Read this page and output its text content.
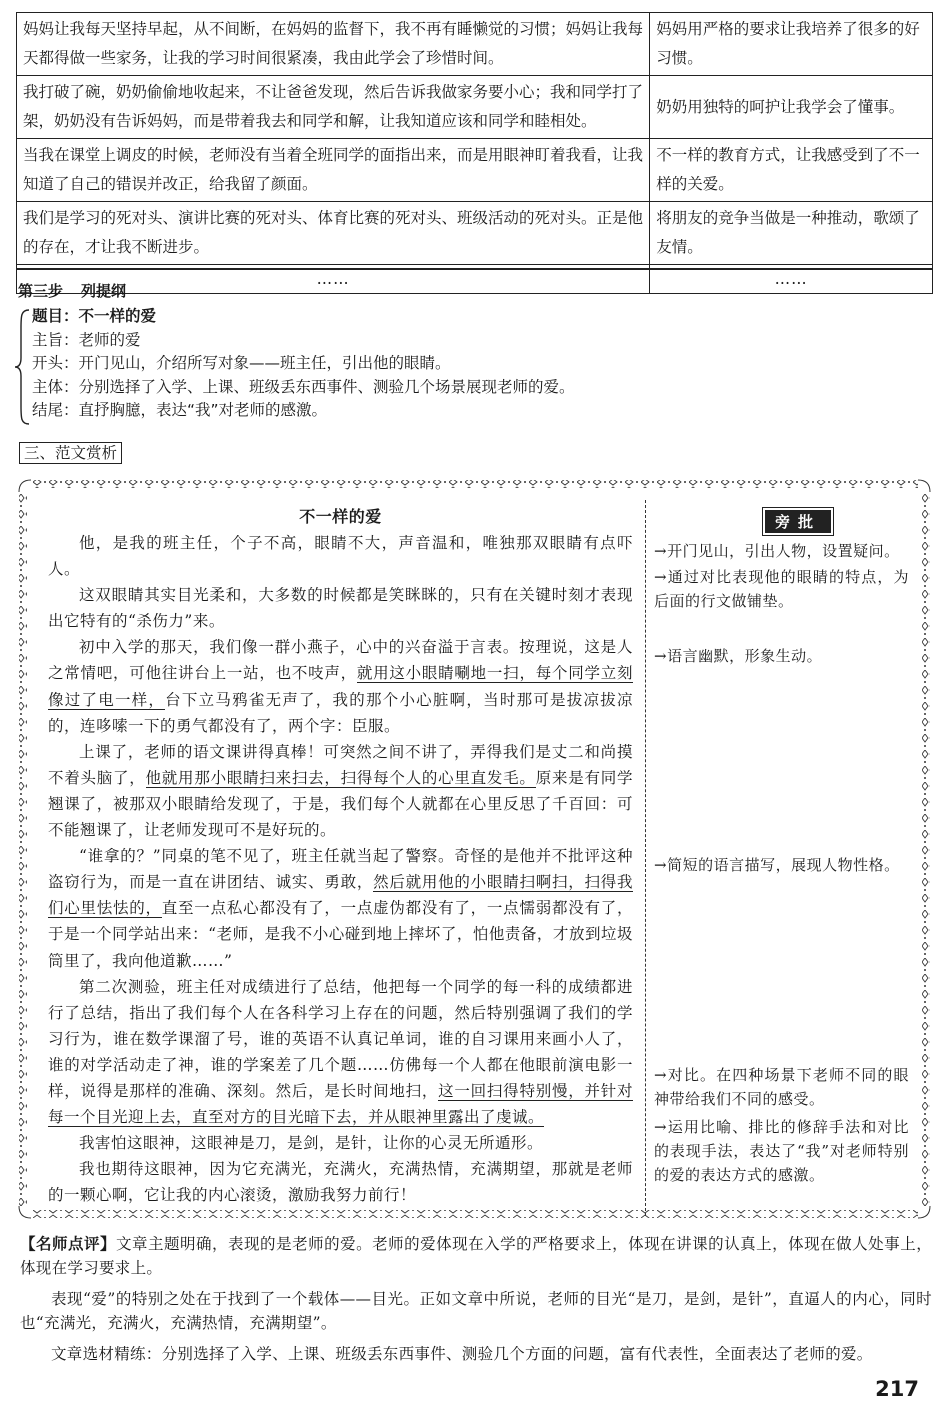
妈妈让我每天坚持早起，从不间断，在妈妈的监督下，我不再有睡懒觉的习惯；妈妈让我每天都得做一些家务，让我的学习时间很紧凑，我由此学会了珍惜时间。	妈妈用严格的要求让我培养了很多的好习惯。
我打破了碗，奶奶偷偷地收起来，不让爸爸发现，然后告诉我做家务要小心；我和同学打了架，奶奶没有告诉妈妈，而是带着我去和同学和解，让我知道应该和同学和睦相处。	奶奶用独特的呵护让我学会了懂事。
当我在课堂上调皮的时候，老师没有当着全班同学的面指出来，而是用眼神盯着我看，让我知道了自己的错误并改正，给我留了颜面。	不一样的教育方式，让我感受到了不一样的关爱。
我们是学习的死对头、演讲比赛的死对头、体育比赛的死对头、班级活动的死对头。正是他的存在，才让我不断进步。	将朋友的竞争当做是一种推动，歌颂了友情。
……	……
第三步 列提纲
题目：不一样的爱
主旨：老师的爱
开头：开门见山，介绍所写对象——班主任，引出他的眼睛。
主体：分别选择了入学、上课、班级丢东西事件、测验几个场景展现老师的爱。
结尾：直抒胸臆，表达“我”对老师的感激。
三、范文赏析
不一样的爱

他，是我的班主任，个子不高，眼睛不大，声音温和，唯独那双眼睛有点吓人。

这双眼睛其实目光柔和，大多数的时候都是笑眯眯的，只有在关键时刻才表现出它特有的“杀伤力”来。

初中入学的那天，我们像一群小燕子，心中的兴奋溢于言表。按理说，这是人之常情吧，可他往讲台上一站，也不吱声，就用这小眼睛唰地一扫，每个同学立刻像过了电一样，台下立马鸦雀无声了，我的那个小心脏啊，当时那可是拔凉拔凉的，连哆嗦一下的勇气都没有了，两个字：臣服。

上课了，老师的语文课讲得真棒！可突然之间不讲了，弄得我们是丈二和尚摸不着头脑了，他就用那小眼睛扫来扫去，扫得每个人的心里直发毛。原来是有同学翘课了，被那双小眼睛给发现了，于是，我们每个人就都在心里反思了千百回：可不能翘课了，让老师发现可不是好玩的。

“谁拿的？”同桌的笔不见了，班主任就当起了警察。奇怪的是他并不批评这种盗窃行为，而是一直在讲团结、诚实、勇敢，然后就用他的小眼睛扫啊扫，扫得我们心里怯怯的，直至一点私心都没有了，一点虚伪都没有了，一点懦弱都没有了，于是一个同学站出来：“老师，是我不小心碰到地上摔坏了，怕他责备，才放到垃圾筒里了，我向他道歉……”

第二次测验，班主任对成绩进行了总结，他把每一个同学的每一科的成绩都进行了总结，指出了我们每个人在各科学习上存在的问题，然后特别强调了我们的学习行为，谁在数学课溜了号，谁的英语不认真记单词，谁的自习课用来画小人了，谁的对学活动走了神，谁的学案差了几个题……仿佛每一个人都在他眼前演电影一样，说得是那样的准确、深刻。然后，是长时间地扫，这一回扫得特别慢，并针对每一个目光迎上去，直至对方的目光暗下去，并从眼神里露出了虔诚。

我害怕这眼神，这眼神是刀，是剑，是针，让你的心灵无所遁形。

我也期待这眼神，因为它充满光，充满火，充满热情，充满期望，那就是老师的一颗心啊，它让我的内心滚烫，激励我努力前行！

旁批
→开门见山，引出人物，设置疑问。
→通过对比表现他的眼睛的特点，为后面的行文做铺垫。
→语言幽默，形象生动。
→简短的语言描写，展现人物性格。
→对比。在四种场景下老师不同的眼神带给我们不同的感受。
→运用比喻、排比的修辞手法和对比的表现手法，表达了“我”对老师特别的爱的表达方式的感激。

【名师点评】文章主题明确，表现的是老师的爱。老师的爱体现在入学的严格要求上，体现在讲课的认真上，体现在做人处事上，体现在学习要求上。

表现“爱”的特别之处在于找到了一个载体——目光。正如文章中所说，老师的目光“是刀，是剑，是针”，直逼人的内心，同时也“充满光，充满火，充满热情，充满期望”。

文章选材精练：分别选择了入学、上课、班级丢东西事件、测验几个方面的问题，富有代表性，全面表达了老师的爱。

217
